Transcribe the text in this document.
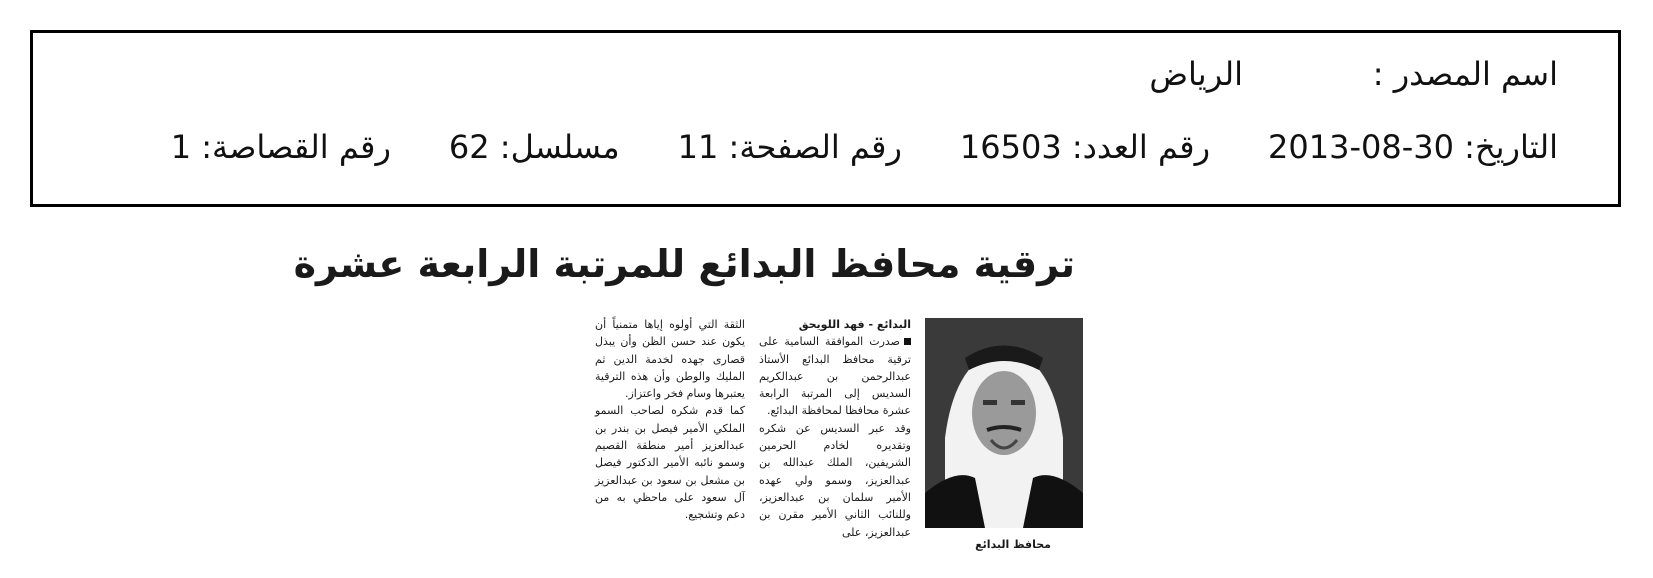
اسم المصدر :
الرياض
التاريخ: 30-08-2013
رقم العدد: 16503
رقم الصفحة: 11
مسلسل: 62
رقم القصاصة: 1
ترقية محافظ البدائع للمرتبة الرابعة عشرة
محافظ البدائع
البدائع - فهد اللويحق
صدرت الموافقة السامية على ترقية محافظ البدائع الأستاذ عبدالرحمن بن عبدالكريم السديس إلى المرتبة الرابعة عشرة محافظا لمحافظة البدائع.
وقد عبر السديس عن شكره وتقديره لخادم الحرمين الشريفين، الملك عبدالله بن عبدالعزيز، وسمو ولي عهده الأمير سلمان بن عبدالعزيز، وللنائب الثاني الأمير مقرن بن عبدالعزيز، على
الثقة التي أولوه إياها متمنياً أن يكون عند حسن الظن وأن يبذل قصارى جهده لخدمة الدين ثم المليك والوطن وأن هذه الترقية يعتبرها وسام فخر واعتزاز.
كما قدم شكره لصاحب السمو الملكي الأمير فيصل بن بندر بن عبدالعزيز أمير منطقة القصيم وسمو نائبه الأمير الدكتور فيصل بن مشعل بن سعود بن عبدالعزيز آل سعود على ماحظي به من دعم وتشجيع.
